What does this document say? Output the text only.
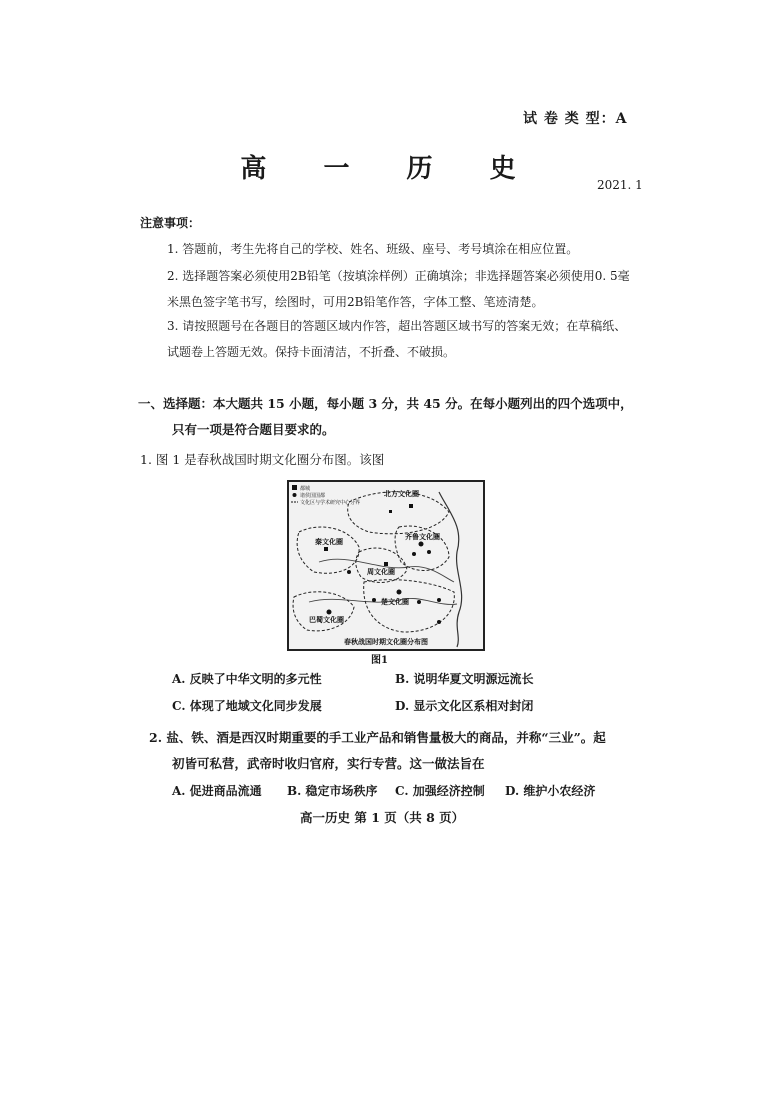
试 卷 类 型：A
高 一 历 史
2021. 1
注意事项：
1. 答题前，考生先将自己的学校、姓名、班级、座号、考号填涂在相应位置。
2. 选择题答案必须使用2B铅笔（按填涂样例）正确填涂；非选择题答案必须使用0. 5毫米黑色签字笔书写，绘图时，可用2B铅笔作答，字体工整、笔迹清楚。
3. 请按照题号在各题目的答题区域内作答，超出答题区域书写的答案无效；在草稿纸、试题卷上答题无效。保持卡面清洁，不折叠、不破损。
一、选择题：本大题共 15 小题，每小题 3 分，共 45 分。在每小题列出的四个选项中，
只有一项是符合题目要求的。
1. 图 1 是春秋战国时期文化圈分布图。该图
都城
诸侯国国都
文化区与学术研究中心分界
北方文化圈
秦文化圈
齐鲁文化圈
周文化圈
楚文化圈
巴蜀文化圈
春秋战国时期文化圈分布图
图1
A. 反映了中华文明的多元性	B. 说明华夏文明源远流长
C. 体现了地域文化同步发展	D. 显示文化区系相对封闭
2. 盐、铁、酒是西汉时期重要的手工业产品和销售量极大的商品，并称“三业”。起
初皆可私营，武帝时收归官府，实行专营。这一做法旨在
A. 促进商品流通 B. 稳定市场秩序 C. 加强经济控制 D. 维护小农经济
高一历史 第 1 页（共 8 页）
